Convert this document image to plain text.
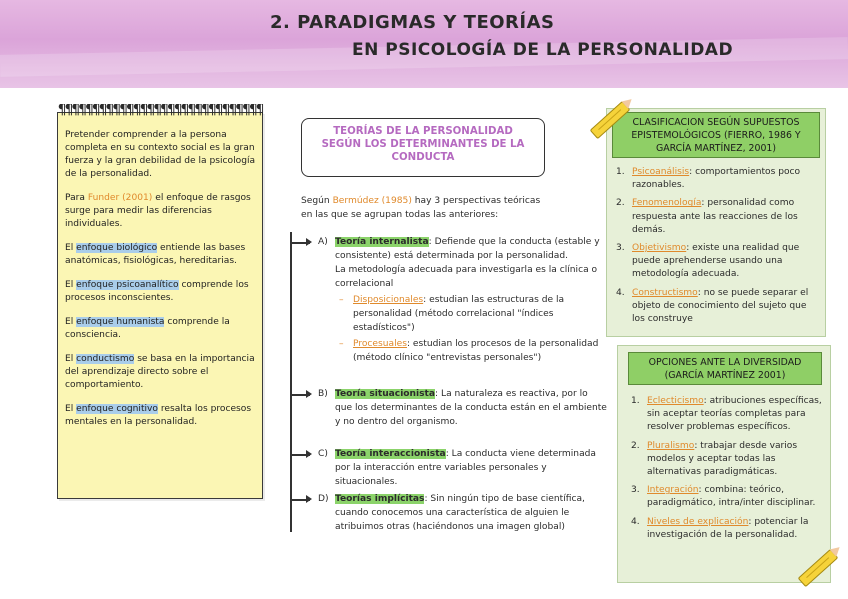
2. PARADIGMAS Y TEORÍAS
EN PSICOLOGÍA DE LA PERSONALIDAD
¶¶¶¶¶¶¶¶¶¶¶¶¶¶¶¶¶¶¶¶¶¶¶¶¶¶¶¶¶¶

Pretender comprender a la persona completa en su contexto social es la gran fuerza y la gran debilidad de la psicología de la personalidad.

Para Funder (2001) el enfoque de rasgos surge para medir las diferencias individuales.

El enfoque biológico entiende las bases anatómicas, fisiológicas, hereditarias.

El enfoque psicoanalítico comprende los procesos inconscientes.

El enfoque humanista comprende la consciencia.

El conductismo se basa en la importancia del aprendizaje directo sobre el comportamiento.

El enfoque cognitivo resalta los procesos mentales en la personalidad.

TEORÍAS DE LA PERSONALIDAD
SEGÚN LOS DETERMINANTES DE LA
CONDUCTA
Según Bermúdez (1985) hay 3 perspectivas teóricas en las que se agrupan todas las anteriores:
A) Teoría internalista: Defiende que la conducta (estable y consistente) está determinada por la personalidad.
La metodología adecuada para investigarla es la clínica o correlacional
– Disposicionales: estudian las estructuras de la personalidad (método correlacional "índices estadísticos")
– Procesuales: estudian los procesos de la personalidad (método clínico "entrevistas personales")
B) Teoría situacionista: La naturaleza es reactiva, por lo que los determinantes de la conducta están en el ambiente y no dentro del organismo.
C) Teoría interaccionista: La conducta viene determinada por la interacción entre variables personales y situacionales.
D) Teorías implícitas: Sin ningún tipo de base científica, cuando conocemos una característica de alguien le atribuimos otras (haciéndonos una imagen global)
CLASIFICACION SEGÚN SUPUESTOS EPISTEMOLÓGICOS (FIERRO, 1986 Y GARCÍA MARTÍNEZ, 2001)
1. Psicoanálisis: comportamientos poco razonables.
2. Fenomenología: personalidad como respuesta ante las reacciones de los demás.
3. Objetivismo: existe una realidad que puede aprehenderse usando una metodología adecuada.
4. Constructismo: no se puede separar el objeto de conocimiento del sujeto que los construye
OPCIONES ANTE LA DIVERSIDAD (GARCÍA MARTÍNEZ 2001)
1. Eclecticismo: atribuciones específicas, sin aceptar teorías completas para resolver problemas específicos.
2. Pluralismo: trabajar desde varios modelos y aceptar todas las alternativas paradigmáticas.
3. Integración: combina: teórico, paradigmático, intra/inter disciplinar.
4. Niveles de explicación: potenciar la investigación de la personalidad.
